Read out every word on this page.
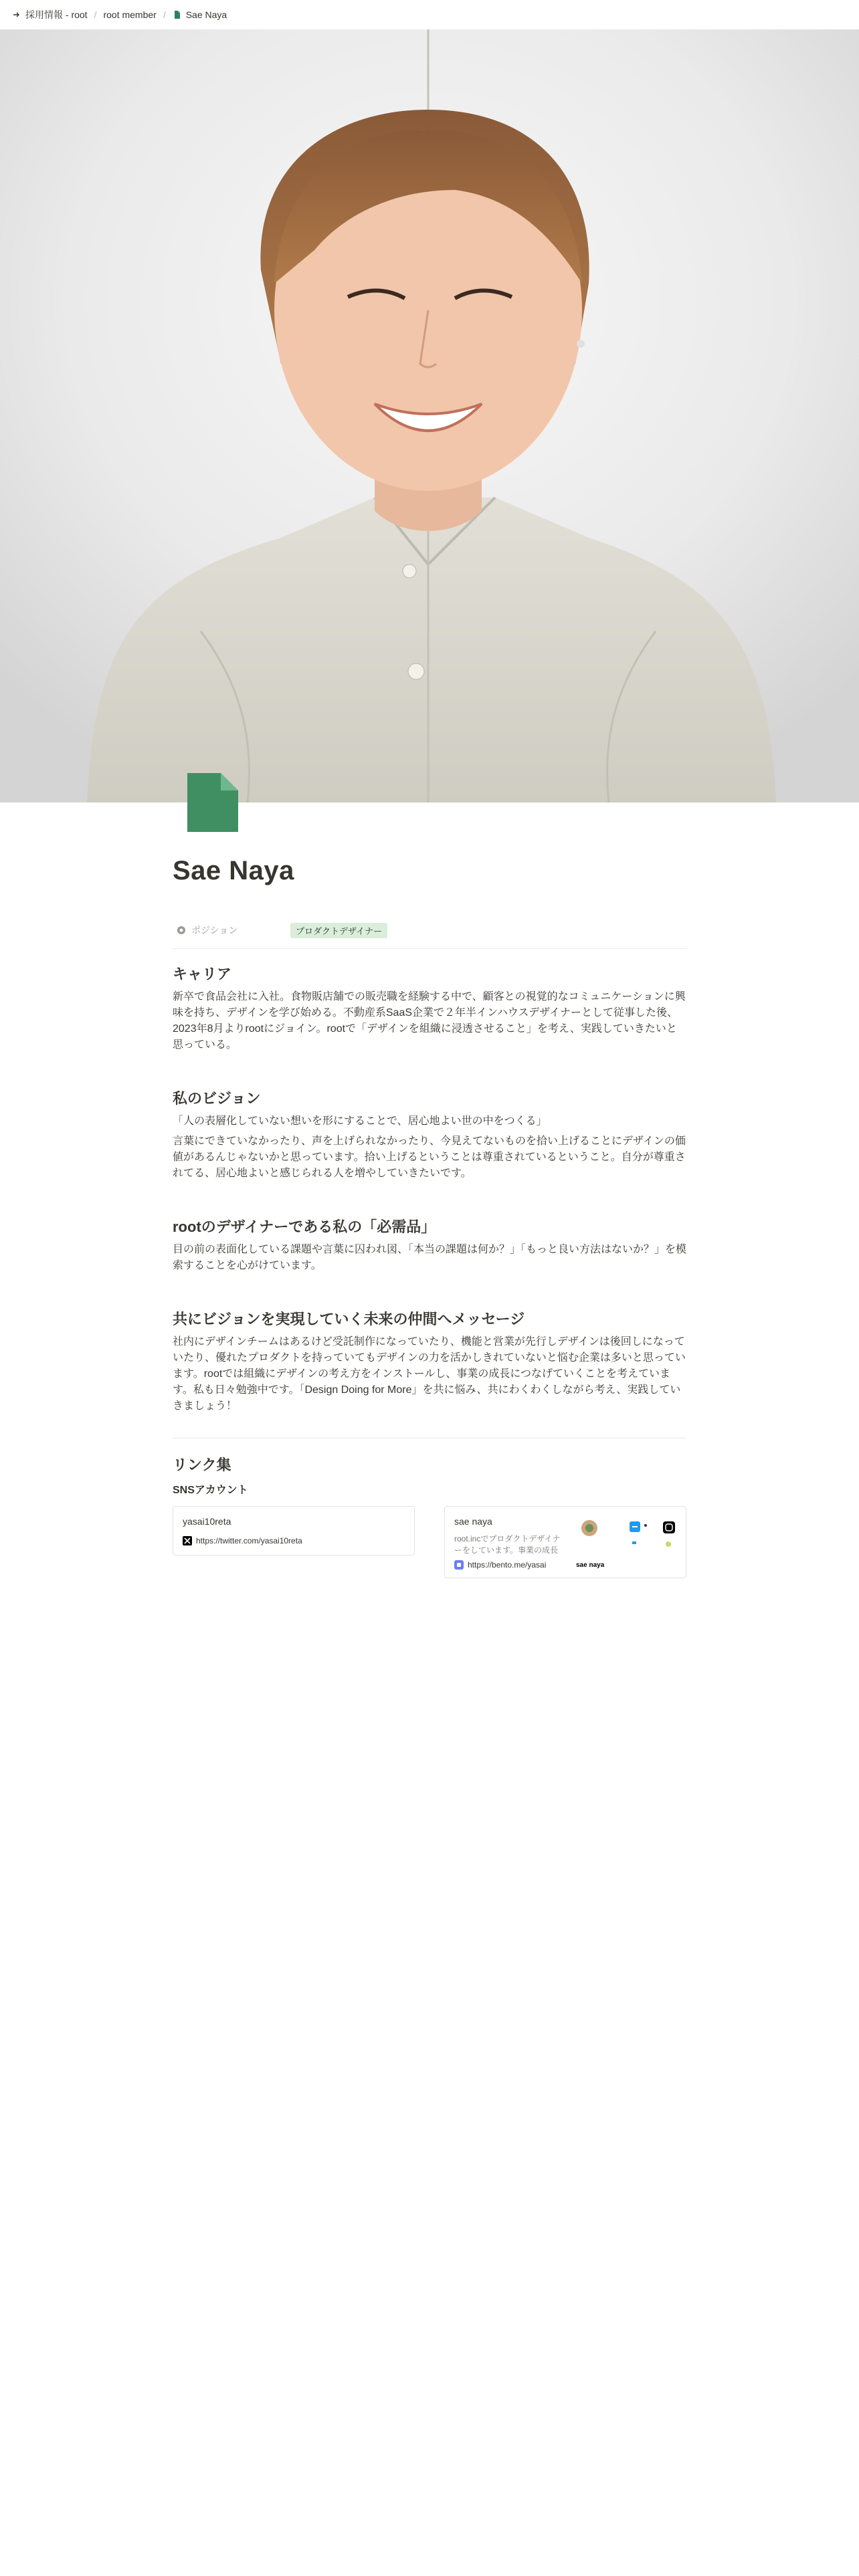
採用情報 - root / root member / Sae Naya
Sae Naya
ポジション	プロダクトデザイナー
キャリア

新卒で食品会社に入社。食物販店舗での販売職を経験する中で、顧客との視覚的なコミュニケーションに興味を持ち、デザインを学び始める。不動産系SaaS企業で２年半インハウスデザイナーとして従事した後、2023年8月よりrootにジョイン。rootで「デザインを組織に浸透させること」を考え、実践していきたいと思っている。

私のビジョン

「人の表層化していない想いを形にすることで、居心地よい世の中をつくる」

言葉にできていなかったり、声を上げられなかったり、今見えてないものを拾い上げることにデザインの価値があるんじゃないかと思っています。拾い上げるということは尊重されているということ。自分が尊重されてる、居心地よいと感じられる人を増やしていきたいです。

rootのデザイナーである私の「必需品」

目の前の表面化している課題や言葉に囚われ図、「本当の課題は何か？」「もっと良い方法はないか？」を模索することを心がけています。

共にビジョンを実現していく未来の仲間へメッセージ

社内にデザインチームはあるけど受託制作になっていたり、機能と営業が先行しデザインは後回しになっていたり、優れたプロダクトを持っていてもデザインの力を活かしきれていないと悩む企業は多いと思っています。rootでは組織にデザインの考え方をインストールし、事業の成長につなげていくことを考えています。私も日々勉強中です。「Design Doing for More」を共に悩み、共にわくわくしながら考え、実践していきましょう！

リンク集
SNSアカウント
yasai10reta
https://twitter.com/yasai10reta
sae naya
root.incでプロダクトデザイナーをしています。事業の成長
https://bento.me/yasai	sae naya
